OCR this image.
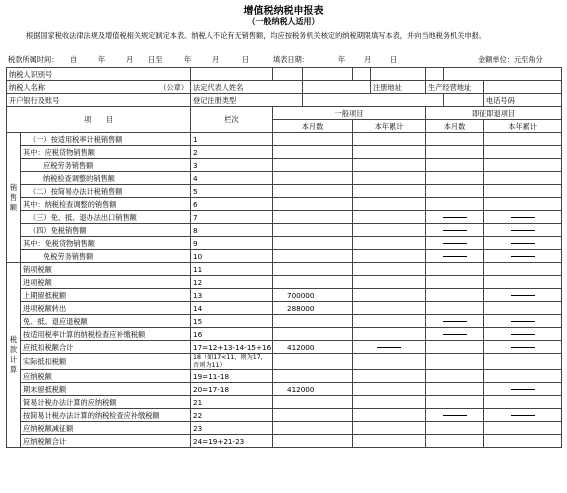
增值税纳税申报表
（一般纳税人适用）
根据国家税收法律法规及增值税相关规定制定本表。纳税人不论有无销售额，均应按税务机关核定的纳税期限填写本表，并向当地税务机关申报。
税款所属时间： 自	年	月 日至	年	月	日	填表日期：	年	月	日	金额单位：元至角分
纳税人识别号									
纳税人名称 （公章）		法定代表人姓名				注册地址	生产经营地址		
开户银行及账号		登记注册类型							电话号码
项　　目		栏次	一般项目				即征即退项目		
			本月数		本年累计		本月数		本年累计

销
售
额	（一）按适用税率计税销售额	1							
	其中：应税货物销售额	2							
	应税劳务销售额	3							
	纳税检查调整的销售额	4							
	（二）按简易办法计税销售额	5							
	其中：纳税检查调整的销售额	6							
	（三）免、抵、退办法出口销售额	7							
	（四）免税销售额	8							
	其中：免税货物销售额	9							
	免税劳务销售额	10							

税
款
计
算	销项税额	11							
	进项税额	12							
	上期留抵税额	13	700000						
	进项税额转出	14	288000						
	免、抵、退应退税额	15							
	按适用税率计算的纳税检查应补缴税额	16							
	应抵扣税额合计	17=12+13-14-15+16	412000						
	实际抵扣税额	18（如17<11，则为17，否则为11）							
	应纳税额	19=11-18							
	期末留抵税额	20=17-18	412000						
	简易计税办法计算的应纳税额	21							
	按简易计税办法计算的纳税检查应补缴税额	22							
	应纳税额减征额	23							
	应纳税额合计	24=19+21-23							
